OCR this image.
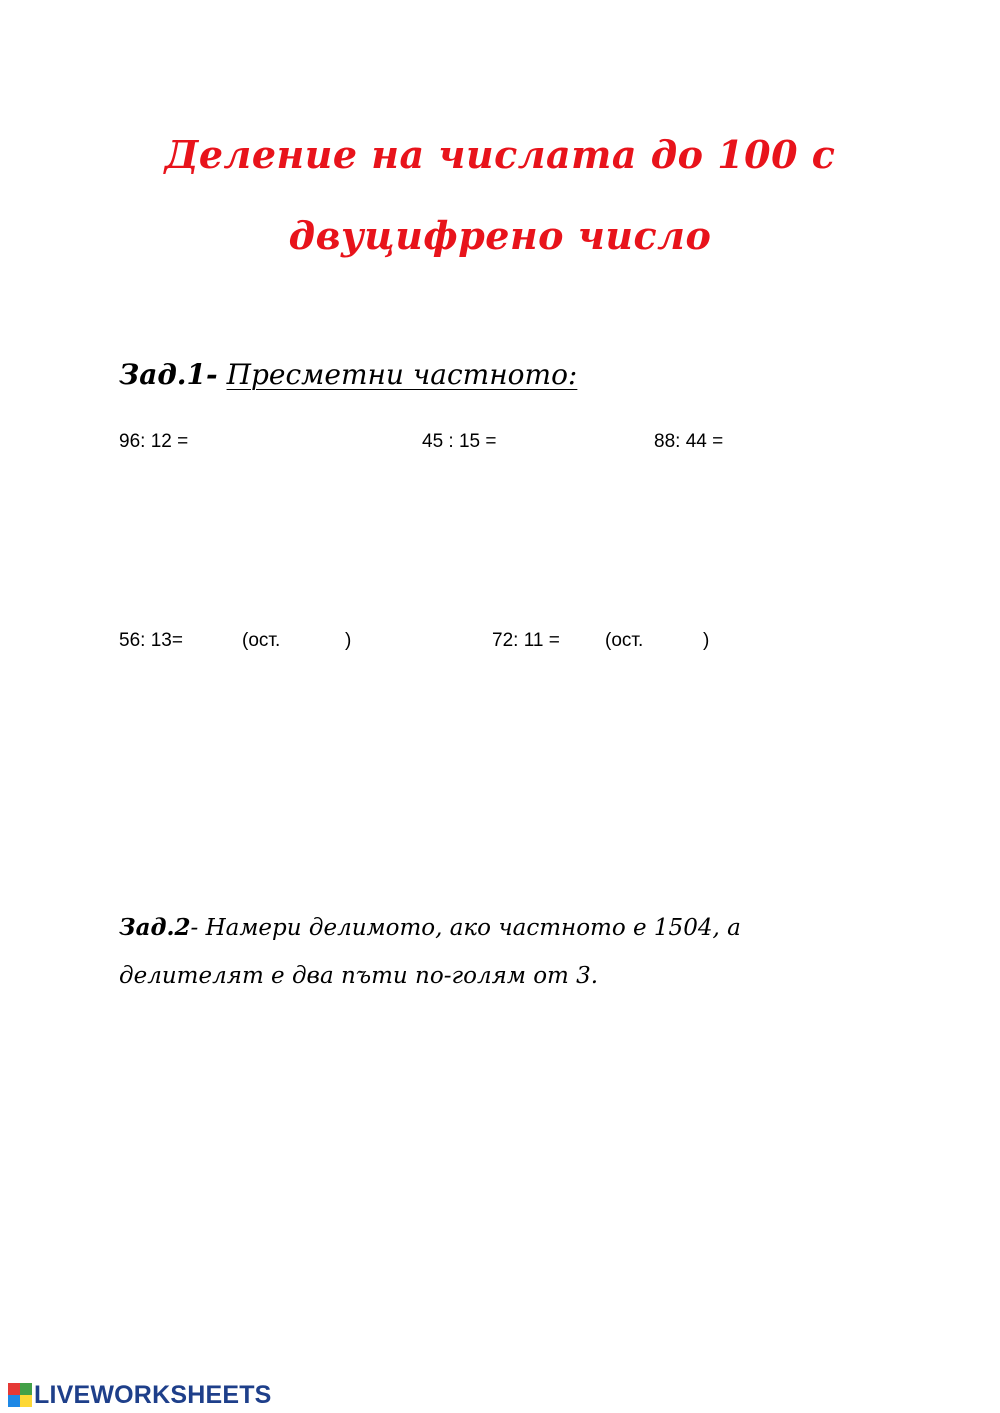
Деление на числата до 100 с
двуцифрено число
Зад.1- Пресметни частното:
96: 12 =	45 : 15 =	88: 44 =
56: 13=	(ост.	)	72: 11 = (ост.	)
Зад.2- Намери делимото, ако частното е 1504, а
делителят е два пъти по-голям от 3.
LIVEWORKSHEETS
